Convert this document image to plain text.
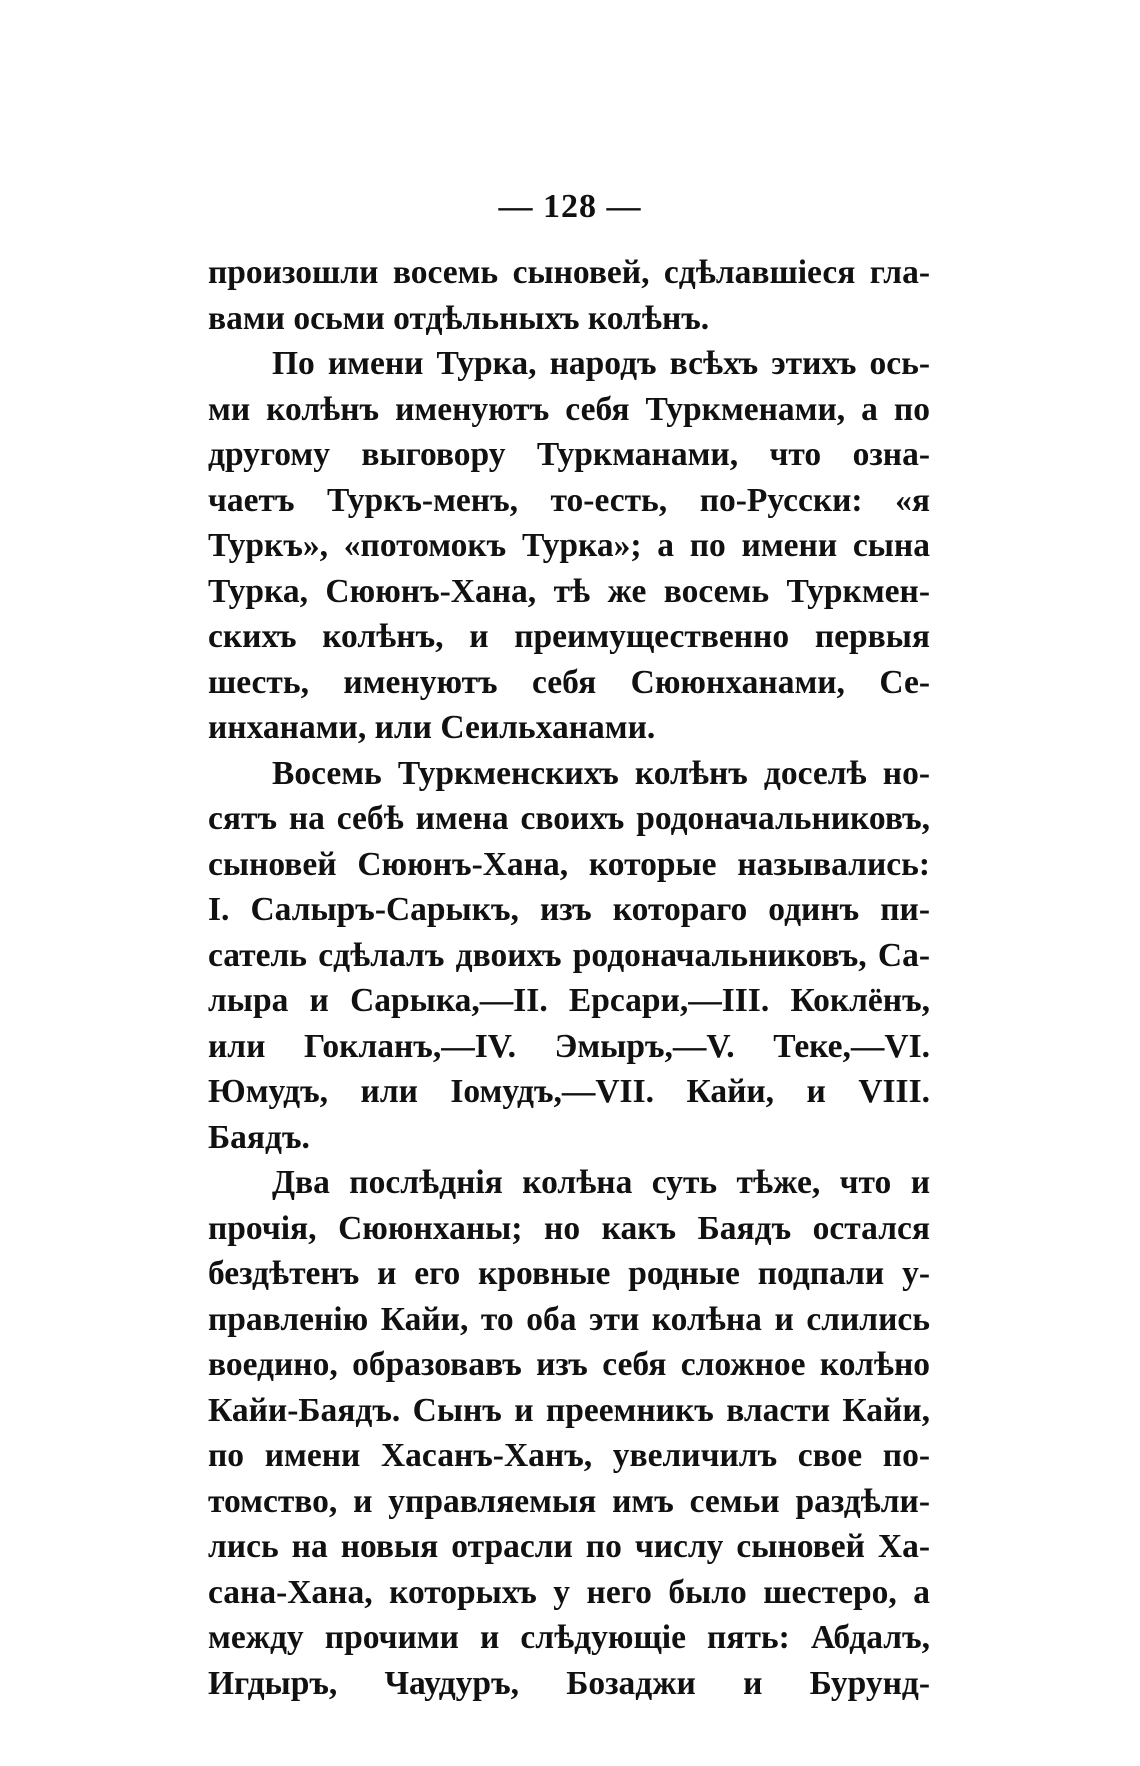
— 128 —
произошли восемь сыновей, сдѣлавшіеся гла-
вами осьми отдѣльныхъ колѣнъ.
По имени Турка, народъ всѣхъ этихъ ось-
ми колѣнъ именуютъ себя Туркменами, а по
другому выговору Туркманами, что озна-
чаетъ Туркъ-менъ, то-есть, по-Русски: «я
Туркъ», «потомокъ Турка»; а по имени сына
Турка, Сююнъ-Хана, тѣ же восемь Туркмен-
скихъ колѣнъ, и преимущественно первыя
шесть, именуютъ себя Сююнханами, Се-
инханами, или Сеильханами.
Восемь Туркменскихъ колѣнъ доселѣ но-
сятъ на себѣ имена своихъ родоначальниковъ,
сыновей Сююнъ-Хана, которые назывались:
I. Салыръ-Сарыкъ, изъ котораго одинъ пи-
сатель сдѣлалъ двоихъ родоначальниковъ, Са-
лыра и Сарыка,—II. Ерсари,—III. Коклёнъ,
или Гокланъ,—IV. Эмыръ,—V. Теке,—VI.
Юмудъ, или Іомудъ,—VII. Кайи, и VIII.
Баядъ.
Два послѣднія колѣна суть тѣже, что и
прочія, Сююнханы; но какъ Баядъ остался
бездѣтенъ и его кровные родные подпали у-
правленію Кайи, то оба эти колѣна и слились
воедино, образовавъ изъ себя сложное колѣно
Кайи-Баядъ. Сынъ и преемникъ власти Кайи,
по имени Хасанъ-Ханъ, увеличилъ свое по-
томство, и управляемыя имъ семьи раздѣли-
лись на новыя отрасли по числу сыновей Ха-
сана-Хана, которыхъ у него было шестеро, а
между прочими и слѣдующіе пять: Абдалъ,
Игдыръ, Чаудуръ, Бозаджи и Бурунд-
